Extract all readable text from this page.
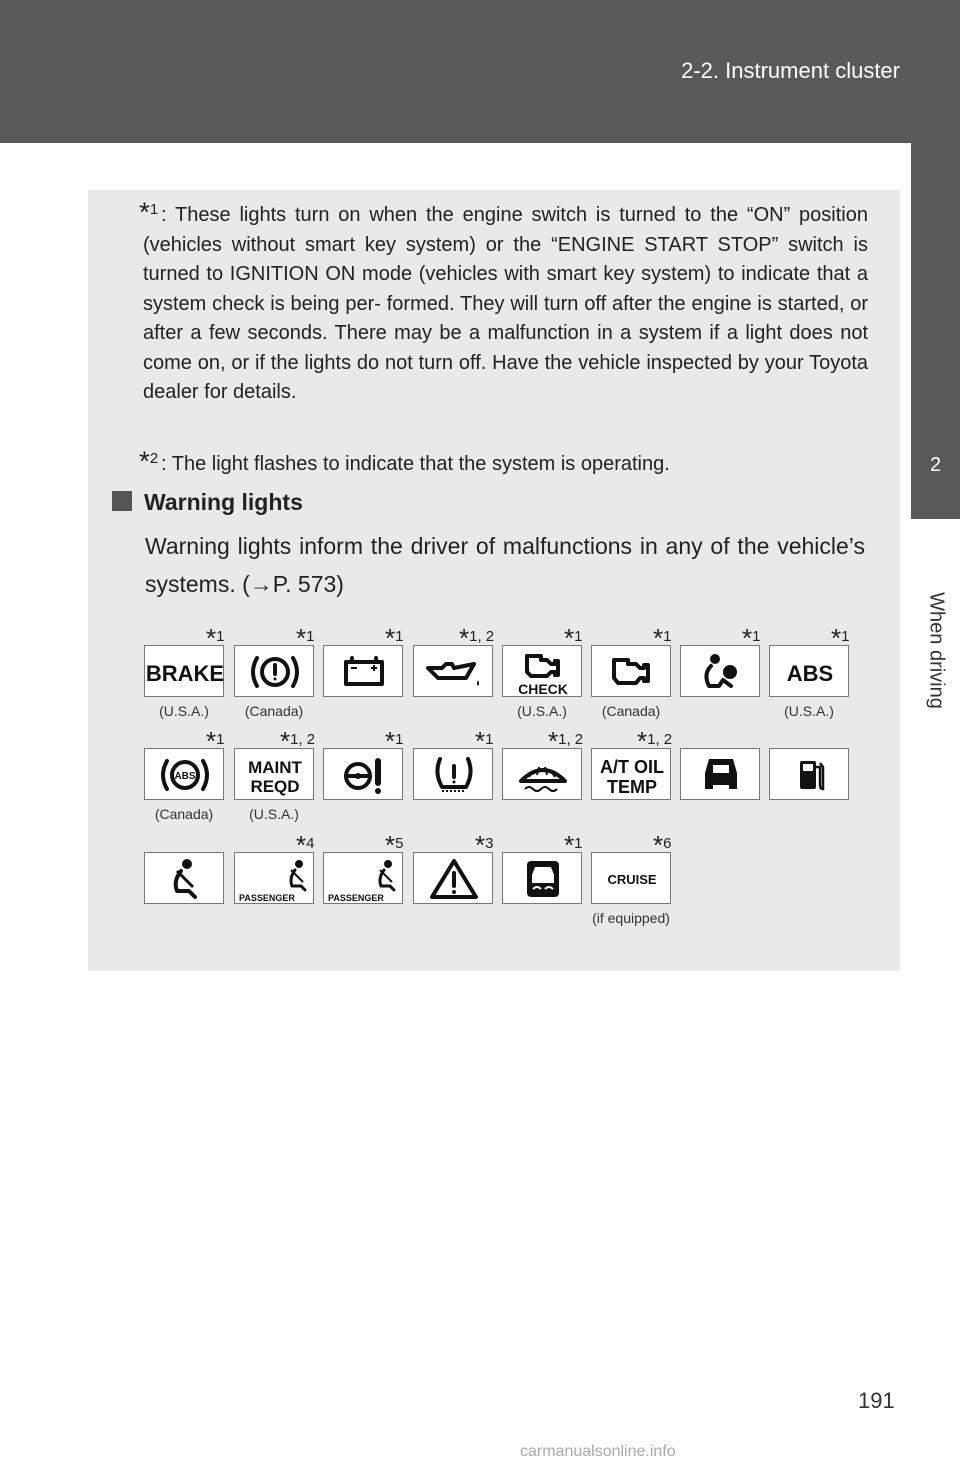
2-2. Instrument cluster
2
When driving
$*_1$ : These lights turn on when the engine switch is turned to the “ON” position (vehicles without smart key system) or the “ENGINE START STOP” switch is turned to IGNITION ON mode (vehicles with smart key system) to indicate that a system check is being per- formed. They will turn off after the engine is started, or after a few seconds. There may be a malfunction in a system if a light does not come on, or if the lights do not turn off. Have the vehicle inspected by your Toyota dealer for details.

$*_2$ : The light flashes to indicate that the system is operating.

Warning lights
Warning lights inform the driver of malfunctions in any of the vehicle’s systems. (→P. 573)
BRAKE
*1
(U.S.A.)
*1
(Canada)
*1 *1, 2
CHECK
*1
(U.S.A.)
*1
(Canada)
*1
ABS
*1
(U.S.A.)
ABS
*1
(Canada)
MAINT
REQD
*1, 2
(U.S.A.)
*1	*1 *1, 2
A/T OIL
TEMP
*1, 2
PASSENGER
*4
PASSENGER
*5	*3	*1
CRUISE
*6
(if equipped)
191
carmanualsonline.info
